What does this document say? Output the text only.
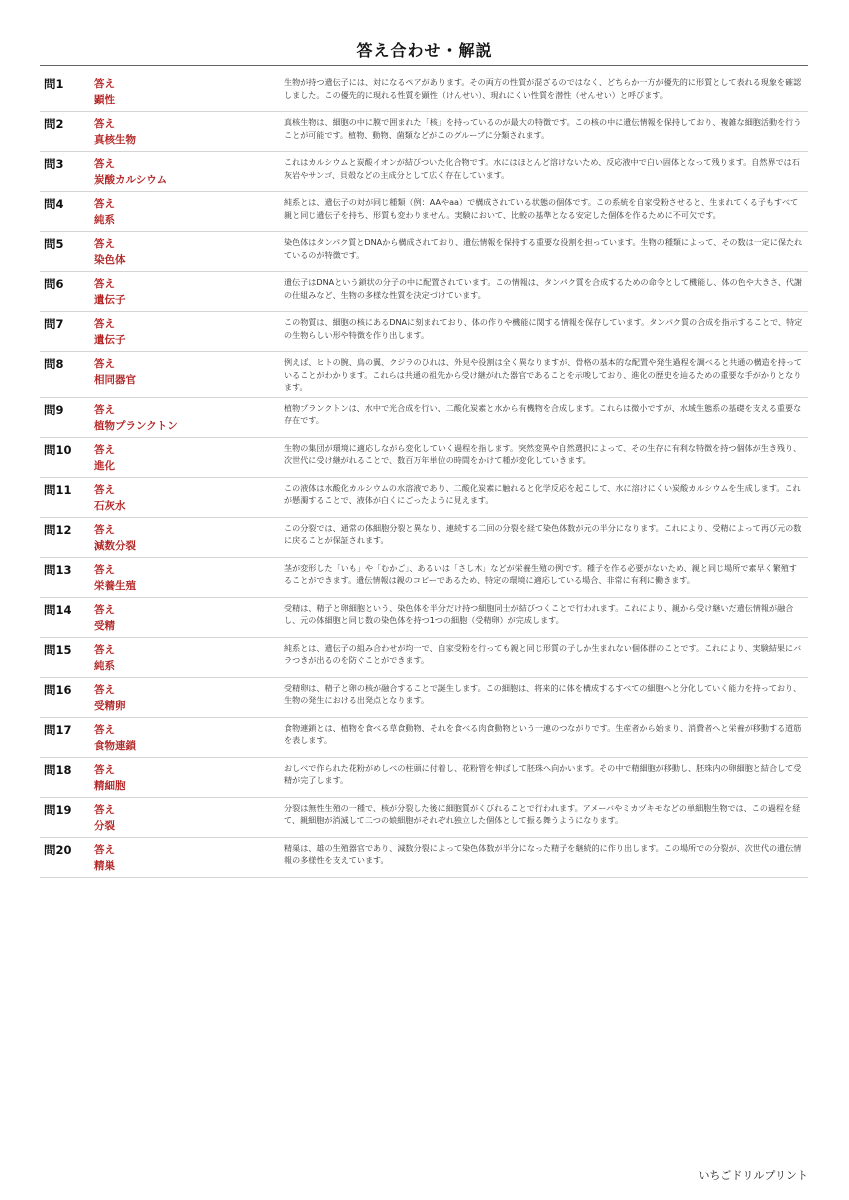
答え合わせ・解説
問1	答え
顕性
生物が持つ遺伝子には、対になるペアがあります。その両方の性質が混ざるのではなく、どちらか一方が優先的に形質として表れる現象を確認しました。この優先的に現れる性質を顕性（けんせい）、現れにくい性質を潜性（せんせい）と呼びます。
問2	答え
真核生物
真核生物は、細胞の中に膜で囲まれた「核」を持っているのが最大の特徴です。この核の中に遺伝情報を保持しており、複雑な細胞活動を行うことが可能です。植物、動物、菌類などがこのグループに分類されます。
問3	答え
炭酸カルシウム
これはカルシウムと炭酸イオンが結びついた化合物です。水にはほとんど溶けないため、反応液中で白い固体となって残ります。自然界では石灰岩やサンゴ、貝殻などの主成分として広く存在しています。
問4	答え
純系
純系とは、遺伝子の対が同じ種類（例：AAやaa）で構成されている状態の個体です。この系統を自家受粉させると、生まれてくる子もすべて親と同じ遺伝子を持ち、形質も変わりません。実験において、比較の基準となる安定した個体を作るために不可欠です。
問5	答え
染色体
染色体はタンパク質とDNAから構成されており、遺伝情報を保持する重要な役割を担っています。生物の種類によって、その数は一定に保たれているのが特徴です。
問6	答え
遺伝子
遺伝子はDNAという鎖状の分子の中に配置されています。この情報は、タンパク質を合成するための命令として機能し、体の色や大きさ、代謝の仕組みなど、生物の多様な性質を決定づけています。
問7	答え
遺伝子
この物質は、細胞の核にあるDNAに刻まれており、体の作りや機能に関する情報を保存しています。タンパク質の合成を指示することで、特定の生物らしい形や特徴を作り出します。
問8	答え
相同器官
例えば、ヒトの腕、鳥の翼、クジラのひれは、外見や役割は全く異なりますが、骨格の基本的な配置や発生過程を調べると共通の構造を持っていることがわかります。これらは共通の祖先から受け継がれた器官であることを示唆しており、進化の歴史を辿るための重要な手がかりとなります。
問9	答え
植物プランクトン
植物プランクトンは、水中で光合成を行い、二酸化炭素と水から有機物を合成します。これらは微小ですが、水域生態系の基礎を支える重要な存在です。
問10	答え
進化
生物の集団が環境に適応しながら変化していく過程を指します。突然変異や自然選択によって、その生存に有利な特徴を持つ個体が生き残り、次世代に受け継がれることで、数百万年単位の時間をかけて種が変化していきます。
問11	答え
石灰水
この液体は水酸化カルシウムの水溶液であり、二酸化炭素に触れると化学反応を起こして、水に溶けにくい炭酸カルシウムを生成します。これが懸濁することで、液体が白くにごったように見えます。
問12	答え
減数分裂
この分裂では、通常の体細胞分裂と異なり、連続する二回の分裂を経て染色体数が元の半分になります。これにより、受精によって再び元の数に戻ることが保証されます。
問13	答え
栄養生殖
茎が変形した「いも」や「むかご」、あるいは「さし木」などが栄養生殖の例です。種子を作る必要がないため、親と同じ場所で素早く繁殖することができます。遺伝情報は親のコピーであるため、特定の環境に適応している場合、非常に有利に働きます。
問14	答え
受精
受精は、精子と卵細胞という、染色体を半分だけ持つ細胞同士が結びつくことで行われます。これにより、親から受け継いだ遺伝情報が融合し、元の体細胞と同じ数の染色体を持つ1つの細胞（受精卵）が完成します。
問15	答え
純系
純系とは、遺伝子の組み合わせが均一で、自家受粉を行っても親と同じ形質の子しか生まれない個体群のことです。これにより、実験結果にバラつきが出るのを防ぐことができます。
問16	答え
受精卵
受精卵は、精子と卵の核が融合することで誕生します。この細胞は、将来的に体を構成するすべての細胞へと分化していく能力を持っており、生物の発生における出発点となります。
問17	答え
食物連鎖
食物連鎖とは、植物を食べる草食動物、それを食べる肉食動物という一連のつながりです。生産者から始まり、消費者へと栄養が移動する道筋を表します。
問18	答え
精細胞
おしべで作られた花粉がめしべの柱頭に付着し、花粉管を伸ばして胚珠へ向かいます。その中で精細胞が移動し、胚珠内の卵細胞と結合して受精が完了します。
問19	答え
分裂
分裂は無性生殖の一種で、核が分裂した後に細胞質がくびれることで行われます。アメーバやミカヅキモなどの単細胞生物では、この過程を経て、親細胞が消滅して二つの娘細胞がそれぞれ独立した個体として振る舞うようになります。
問20	答え
精巣
精巣は、雄の生殖器官であり、減数分裂によって染色体数が半分になった精子を継続的に作り出します。この場所での分裂が、次世代の遺伝情報の多様性を支えています。
いちごドリルプリント
